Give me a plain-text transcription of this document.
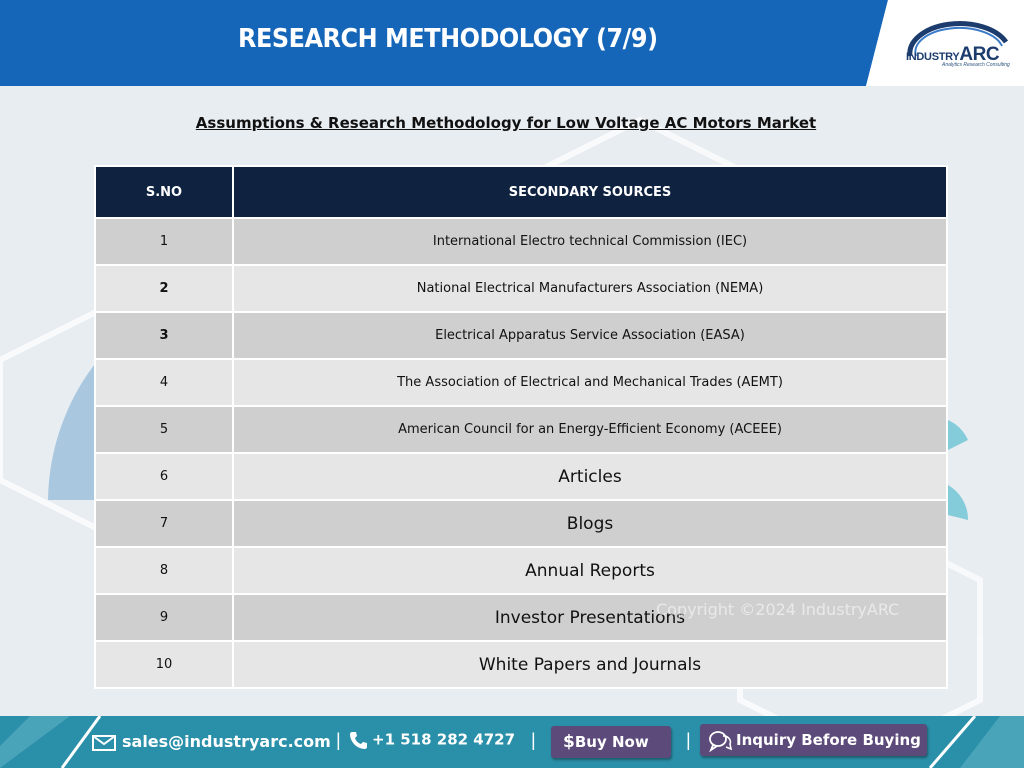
RESEARCH METHODOLOGY (7/9)
INDUSTRYARC
Analytics Research Consulting
Assumptions & Research Methodology for Low Voltage AC Motors Market
S.NO	SECONDARY SOURCES
1	International Electro technical Commission (IEC)
2	National Electrical Manufacturers Association (NEMA)
3	Electrical Apparatus Service Association (EASA)
4	The Association of Electrical and Mechanical Trades (AEMT)
5	American Council for an Energy-Efficient Economy (ACEEE)
6	Articles
7	Blogs
8	Annual Reports
9	Investor Presentations
10	White Papers and Journals
Copyright ©2024 IndustryARC
sales@industryarc.com |	+1 518 282 4727 |	$Buy Now	|	Inquiry Before Buying
